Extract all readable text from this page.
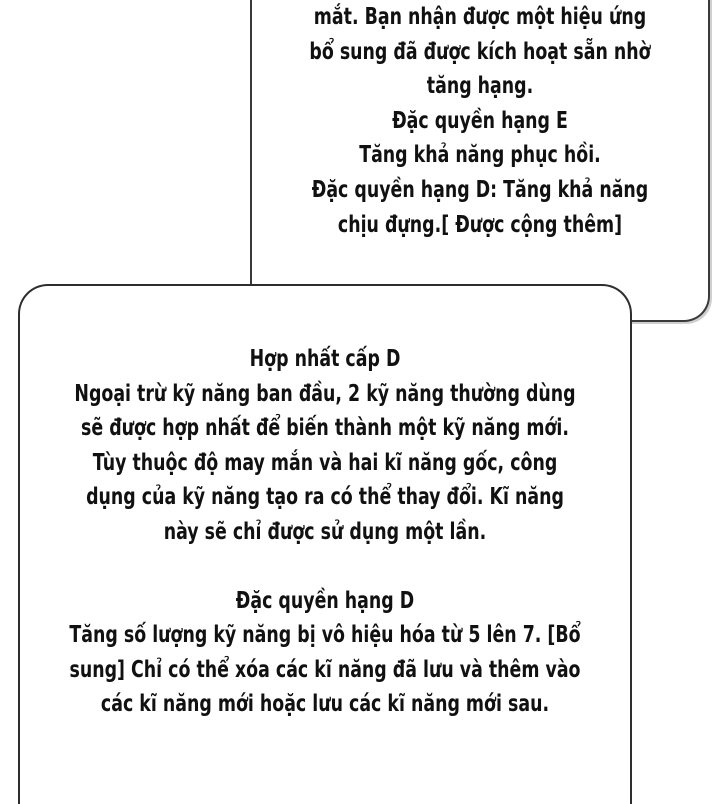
mắt. Bạn nhận được một hiệu ứng
bổ sung đã được kích hoạt sẵn nhờ
tăng hạng.
Đặc quyền hạng E
Tăng khả năng phục hồi.
Đặc quyền hạng D: Tăng khả năng
chịu đựng.[ Được cộng thêm]
Hợp nhất cấp D
Ngoại trừ kỹ năng ban đầu, 2 kỹ năng thường dùng
sẽ được hợp nhất để biến thành một kỹ năng mới.
Tùy thuộc độ may mắn và hai kĩ năng gốc, công
dụng của kỹ năng tạo ra có thể thay đổi. Kĩ năng
này sẽ chỉ được sử dụng một lần.
Đặc quyền hạng D
Tăng số lượng kỹ năng bị vô hiệu hóa từ 5 lên 7. [Bổ
sung] Chỉ có thể xóa các kĩ năng đã lưu và thêm vào
các kĩ năng mới hoặc lưu các kĩ năng mới sau.
